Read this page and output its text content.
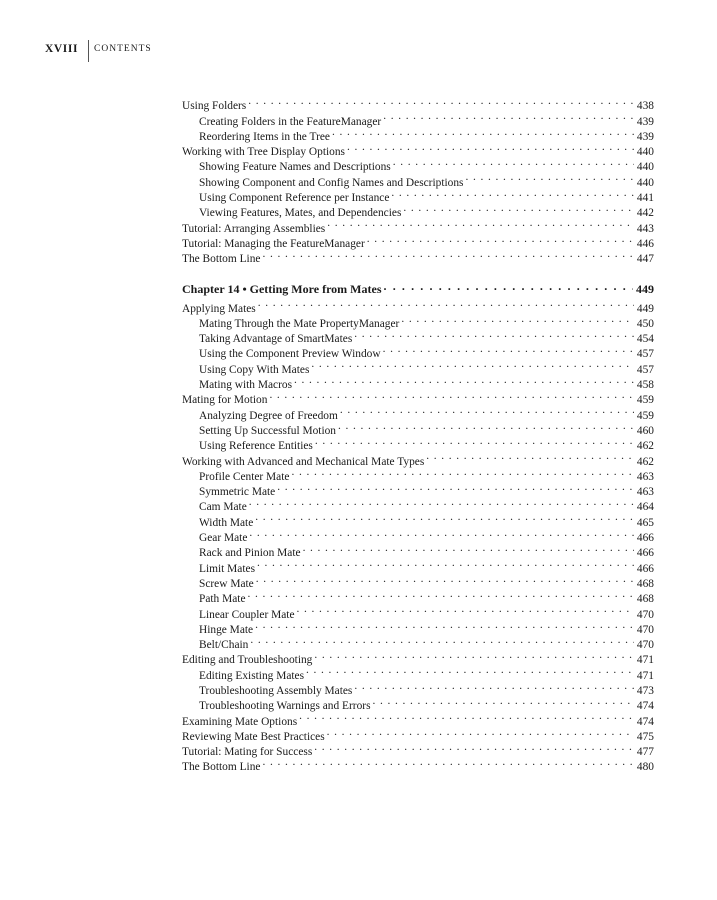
XVIII CONTENTS
Using Folders . . .	438
Creating Folders in the FeatureManager . . .	439
Reordering Items in the Tree . . .	439
Working with Tree Display Options . . .	440
Showing Feature Names and Descriptions . . .	440
Showing Component and Config Names and Descriptions . . .	440
Using Component Reference per Instance . . .	441
Viewing Features, Mates, and Dependencies . . .	442
Tutorial: Arranging Assemblies . . .	443
Tutorial: Managing the FeatureManager . . .	446
The Bottom Line . . .	447
Chapter 14 • Getting More from Mates . . .	449
Applying Mates . . .	449
Mating Through the Mate PropertyManager . . .	450
Taking Advantage of SmartMates . . .	454
Using the Component Preview Window . . .	457
Using Copy With Mates . . .	457
Mating with Macros . . .	458
Mating for Motion . . .	459
Analyzing Degree of Freedom . . .	459
Setting Up Successful Motion . . .	460
Using Reference Entities . . .	462
Working with Advanced and Mechanical Mate Types . . .	462
Profile Center Mate . . .	463
Symmetric Mate . . .	463
Cam Mate . . .	464
Width Mate . . .	465
Gear Mate . . .	466
Rack and Pinion Mate . . .	466
Limit Mates . . .	466
Screw Mate . . .	468
Path Mate . . .	468
Linear Coupler Mate . . .	470
Hinge Mate . . .	470
Belt/Chain . . .	470
Editing and Troubleshooting . . .	471
Editing Existing Mates . . .	471
Troubleshooting Assembly Mates . . .	473
Troubleshooting Warnings and Errors . . .	474
Examining Mate Options . . .	474
Reviewing Mate Best Practices . . .	475
Tutorial: Mating for Success . . .	477
The Bottom Line . . .	480
